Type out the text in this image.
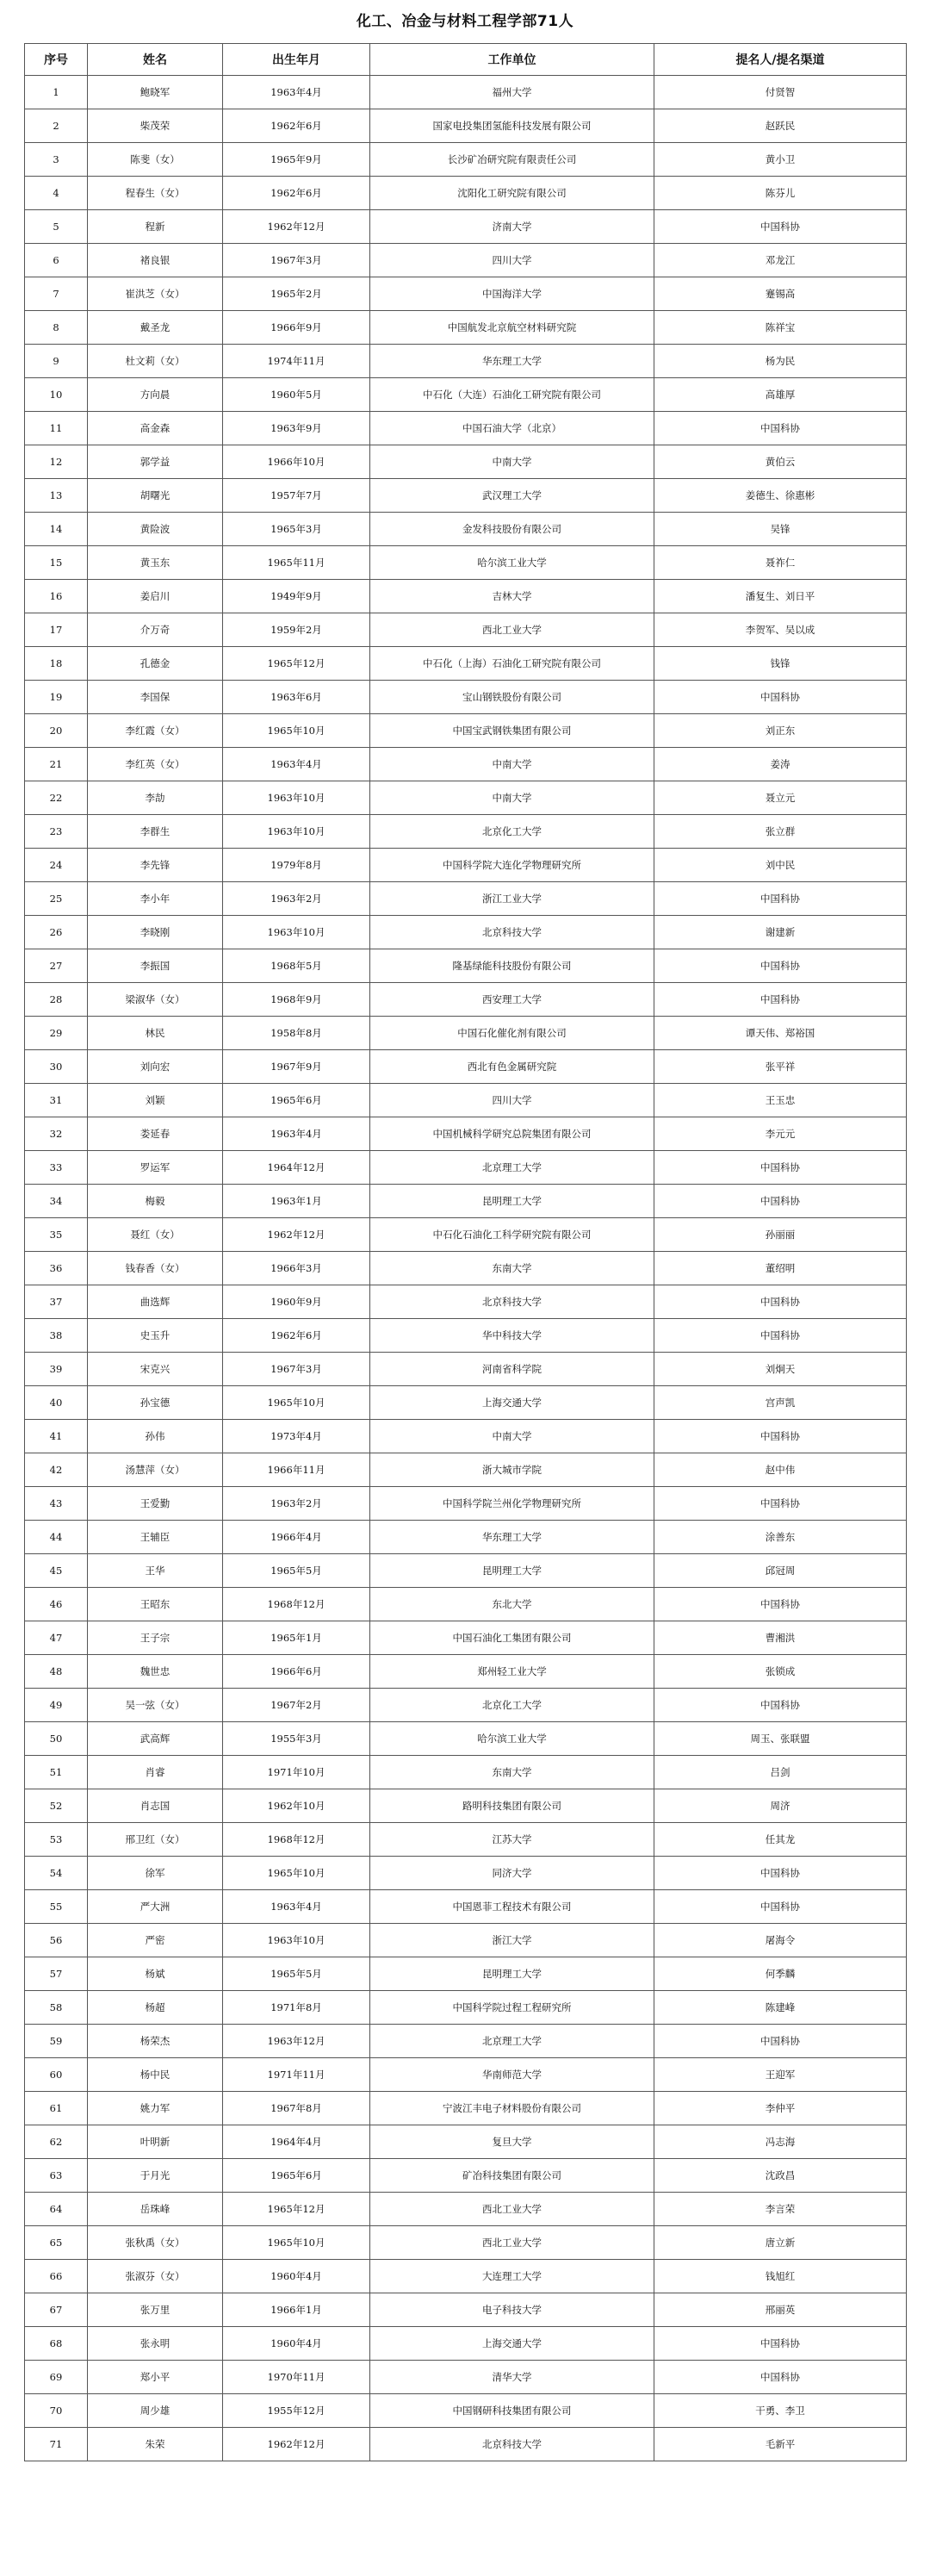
化工、冶金与材料工程学部71人
序号	姓名	出生年月	工作单位	提名人/提名渠道
1	鲍晓军	1963年4月	福州大学	付贤智
2	柴茂荣	1962年6月	国家电投集团氢能科技发展有限公司	赵跃民
3	陈斐（女）	1965年9月	长沙矿冶研究院有限责任公司	黄小卫
4	程春生（女）	1962年6月	沈阳化工研究院有限公司	陈芬儿
5	程新	1962年12月	济南大学	中国科协
6	褚良银	1967年3月	四川大学	邓龙江
7	崔洪芝（女）	1965年2月	中国海洋大学	蹇锡高
8	戴圣龙	1966年9月	中国航发北京航空材料研究院	陈祥宝
9	杜文莉（女）	1974年11月	华东理工大学	杨为民
10	方向晨	1960年5月	中石化（大连）石油化工研究院有限公司	高雄厚
11	高金森	1963年9月	中国石油大学（北京）	中国科协
12	郭学益	1966年10月	中南大学	黄伯云
13	胡曙光	1957年7月	武汉理工大学	姜德生、徐惠彬
14	黄险波	1965年3月	金发科技股份有限公司	吴锋
15	黄玉东	1965年11月	哈尔滨工业大学	聂祚仁
16	姜启川	1949年9月	吉林大学	潘复生、刘日平
17	介万奇	1959年2月	西北工业大学	李贺军、吴以成
18	孔德金	1965年12月	中石化（上海）石油化工研究院有限公司	钱锋
19	李国保	1963年6月	宝山钢铁股份有限公司	中国科协
20	李红霞（女）	1965年10月	中国宝武钢铁集团有限公司	刘正东
21	李红英（女）	1963年4月	中南大学	姜涛
22	李劼	1963年10月	中南大学	聂立元
23	李群生	1963年10月	北京化工大学	张立群
24	李先锋	1979年8月	中国科学院大连化学物理研究所	刘中民
25	李小年	1963年2月	浙江工业大学	中国科协
26	李晓刚	1963年10月	北京科技大学	谢建新
27	李振国	1968年5月	隆基绿能科技股份有限公司	中国科协
28	梁淑华（女）	1968年9月	西安理工大学	中国科协
29	林民	1958年8月	中国石化催化剂有限公司	谭天伟、郑裕国
30	刘向宏	1967年9月	西北有色金属研究院	张平祥
31	刘颖	1965年6月	四川大学	王玉忠
32	娄延春	1963年4月	中国机械科学研究总院集团有限公司	李元元
33	罗运军	1964年12月	北京理工大学	中国科协
34	梅毅	1963年1月	昆明理工大学	中国科协
35	聂红（女）	1962年12月	中石化石油化工科学研究院有限公司	孙丽丽
36	钱春香（女）	1966年3月	东南大学	董绍明
37	曲选辉	1960年9月	北京科技大学	中国科协
38	史玉升	1962年6月	华中科技大学	中国科协
39	宋克兴	1967年3月	河南省科学院	刘炯天
40	孙宝德	1965年10月	上海交通大学	宫声凯
41	孙伟	1973年4月	中南大学	中国科协
42	汤慧萍（女）	1966年11月	浙大城市学院	赵中伟
43	王爱勤	1963年2月	中国科学院兰州化学物理研究所	中国科协
44	王辅臣	1966年4月	华东理工大学	涂善东
45	王华	1965年5月	昆明理工大学	邱冠周
46	王昭东	1968年12月	东北大学	中国科协
47	王子宗	1965年1月	中国石油化工集团有限公司	曹湘洪
48	魏世忠	1966年6月	郑州轻工业大学	张锁成
49	吴一弦（女）	1967年2月	北京化工大学	中国科协
50	武高辉	1955年3月	哈尔滨工业大学	周玉、张联盟
51	肖睿	1971年10月	东南大学	吕剑
52	肖志国	1962年10月	路明科技集团有限公司	周济
53	邢卫红（女）	1968年12月	江苏大学	任其龙
54	徐军	1965年10月	同济大学	中国科协
55	严大洲	1963年4月	中国恩菲工程技术有限公司	中国科协
56	严密	1963年10月	浙江大学	屠海令
57	杨斌	1965年5月	昆明理工大学	何季麟
58	杨超	1971年8月	中国科学院过程工程研究所	陈建峰
59	杨荣杰	1963年12月	北京理工大学	中国科协
60	杨中民	1971年11月	华南师范大学	王迎军
61	姚力军	1967年8月	宁波江丰电子材料股份有限公司	李仲平
62	叶明新	1964年4月	复旦大学	冯志海
63	于月光	1965年6月	矿冶科技集团有限公司	沈政昌
64	岳珠峰	1965年12月	西北工业大学	李言荣
65	张秋禹（女）	1965年10月	西北工业大学	唐立新
66	张淑芬（女）	1960年4月	大连理工大学	钱旭红
67	张万里	1966年1月	电子科技大学	邢丽英
68	张永明	1960年4月	上海交通大学	中国科协
69	郑小平	1970年11月	清华大学	中国科协
70	周少雄	1955年12月	中国钢研科技集团有限公司	干勇、李卫
71	朱荣	1962年12月	北京科技大学	毛新平
